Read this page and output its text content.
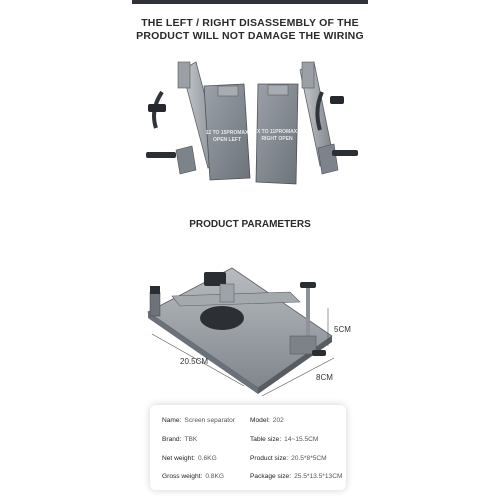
THE LEFT / RIGHT DISASSEMBLY OF THE
PRODUCT WILL NOT DAMAGE THE WIRING
12 TO 15PROMAX
OPEN LEFT
X TO 11PROMAX
RIGHT OPEN
PRODUCT PARAMETERS
20.5CM
8CM
5CM
Name: Screen separator Model: 202
Brand: TBK	Table size: 14~15.5CM
Net weight: 0.6KG	Product size: 20.5*8*5CM
Gross weight: 0.8KG	Package size: 25.5*13.5*13CM
